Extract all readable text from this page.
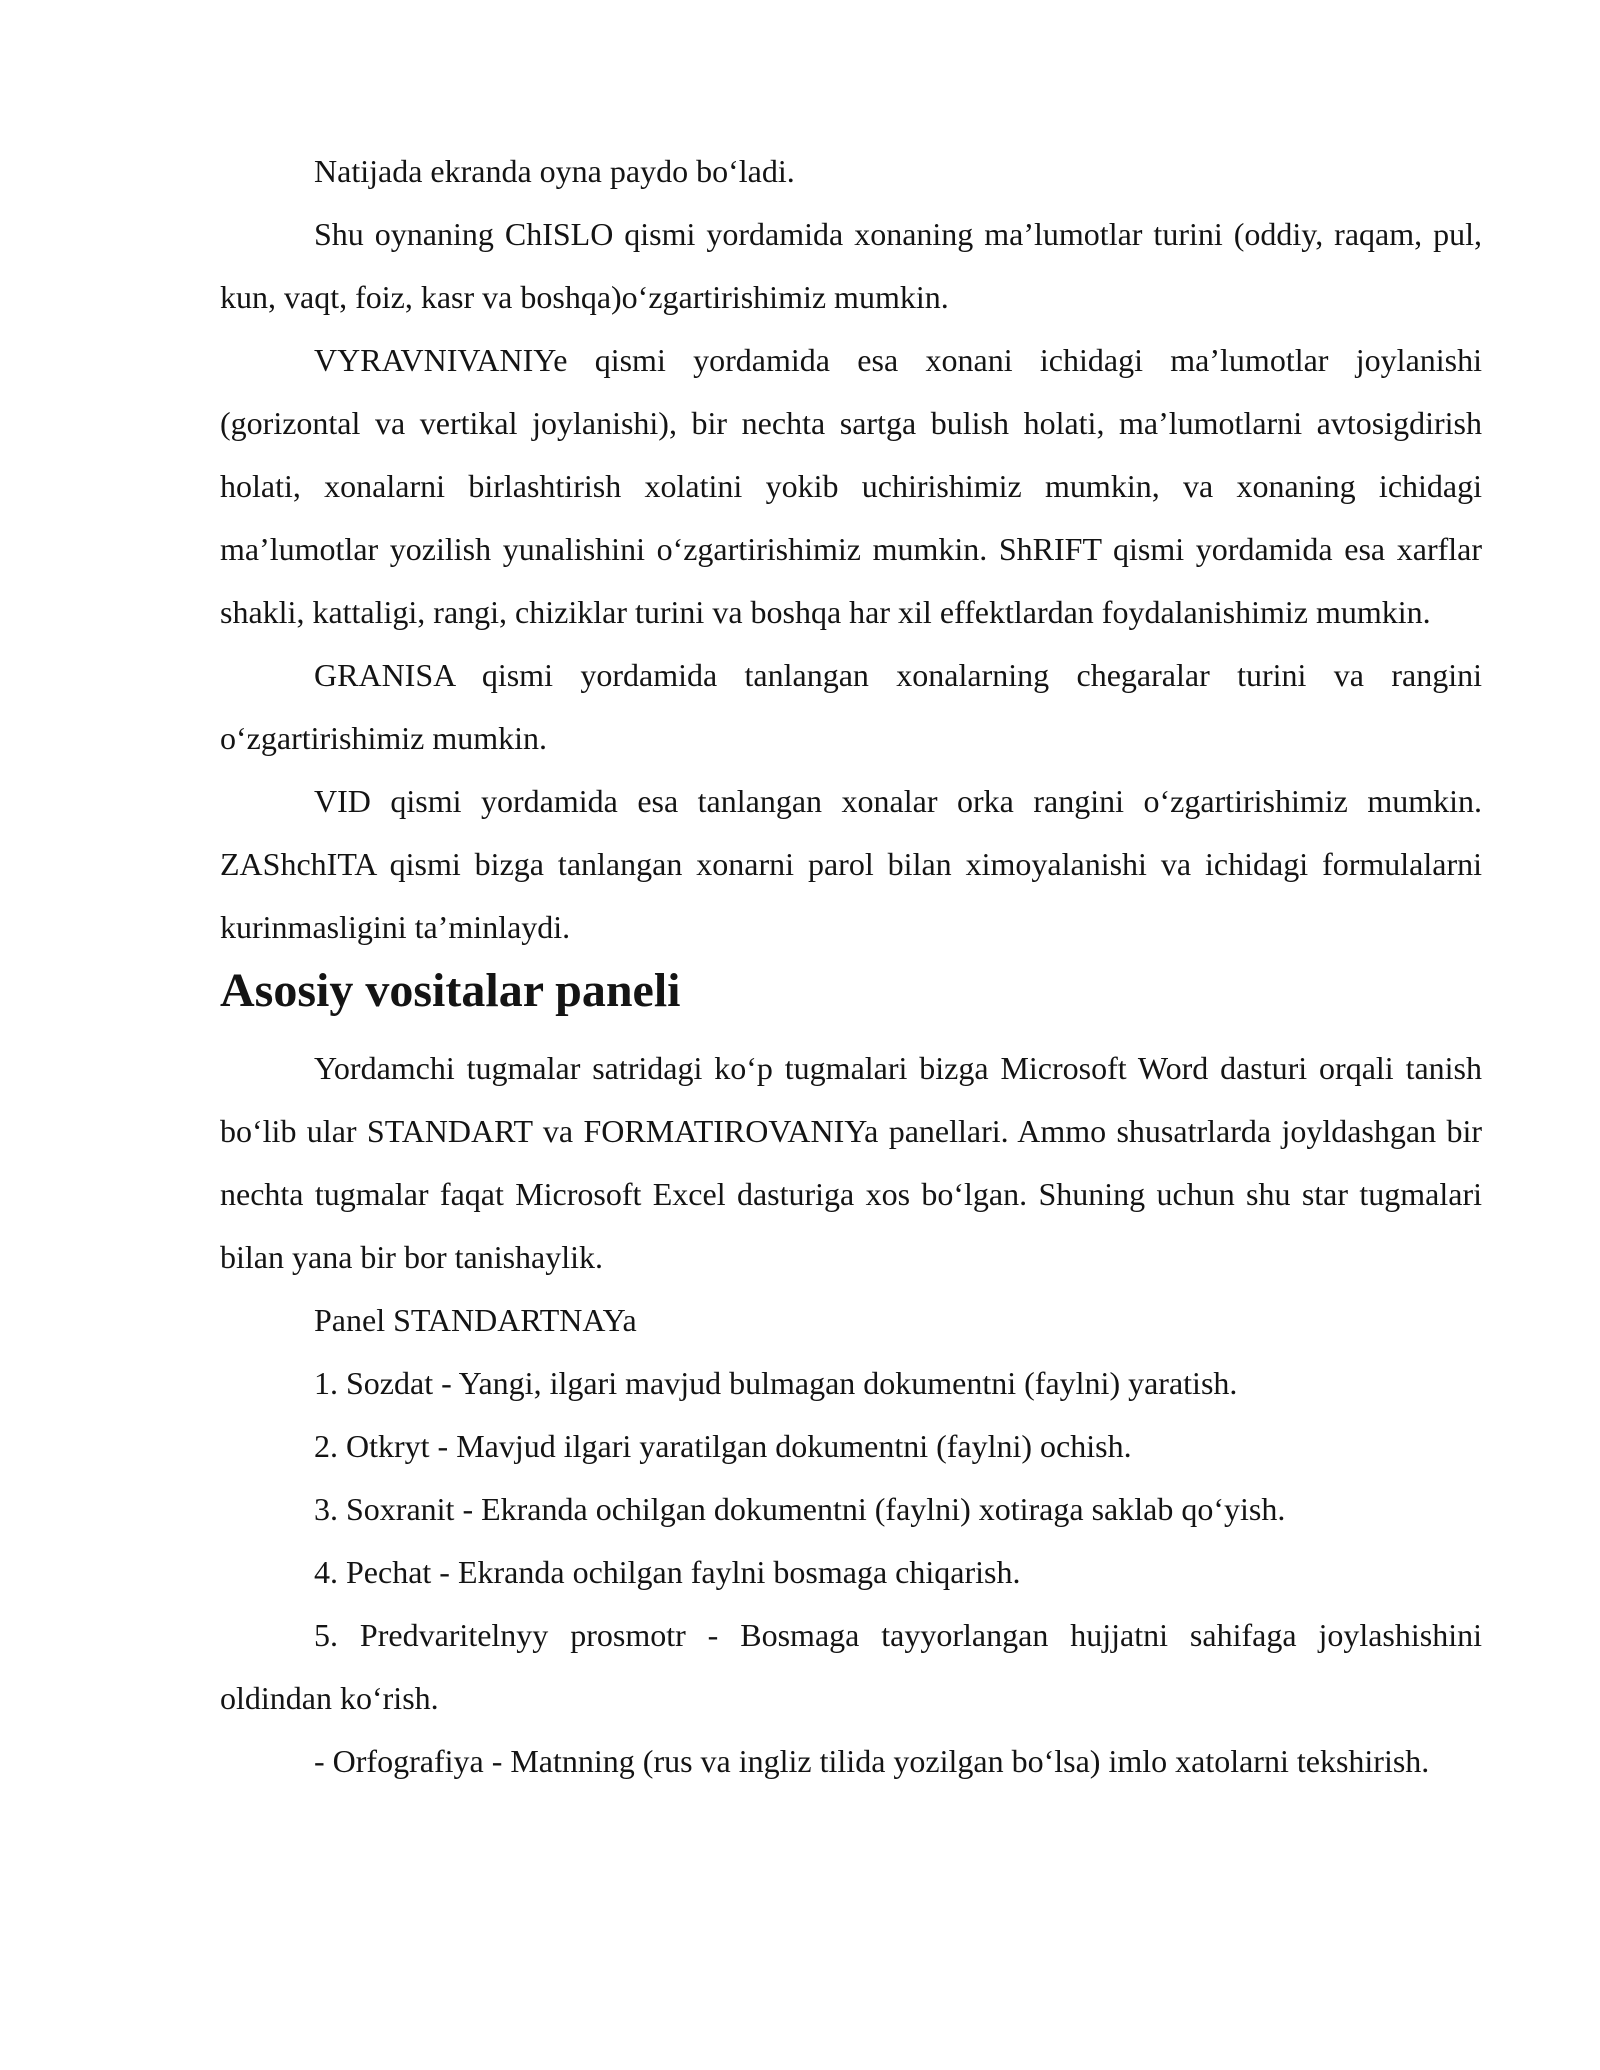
Natijada ekranda oyna paydo bo‘ladi.

Shu oynaning ChISLO qismi yordamida xonaning ma’lumotlar turini (oddiy, raqam, pul, kun, vaqt, foiz, kasr va boshqa)o‘zgartirishimiz mumkin.

VYRAVNIVANIYe qismi yordamida esa xonani ichidagi ma’lumotlar joylanishi (gorizontal va vertikal joylanishi), bir nechta sartga bulish holati, ma’lumotlarni avtosigdirish holati, xonalarni birlashtirish xolatini yokib uchirishimiz mumkin, va xonaning ichidagi ma’lumotlar yozilish yunalishini o‘zgartirishimiz mumkin. ShRIFT qismi yordamida esa xarflar shakli, kattaligi, rangi, chiziklar turini va boshqa har xil effektlardan foydalanishimiz mumkin.

GRANISA qismi yordamida tanlangan xonalarning chegaralar turini va rangini o‘zgartirishimiz mumkin.

VID qismi yordamida esa tanlangan xonalar orka rangini o‘zgartirishimiz mumkin. ZAShchITA qismi bizga tanlangan xonarni parol bilan ximoyalanishi va ichidagi formulalarni kurinmasligini ta’minlaydi.

Asosiy vositalar paneli

Yordamchi tugmalar satridagi ko‘p tugmalari bizga Microsoft Word dasturi orqali tanish bo‘lib ular STANDART va FORMATIROVANIYa panellari. Ammo shusatrlarda joyldashgan bir nechta tugmalar faqat Microsoft Excel dasturiga xos bo‘lgan. Shuning uchun shu star tugmalari bilan yana bir bor tanishaylik.

Panel STANDARTNAYa

1. Sozdat - Yangi, ilgari mavjud bulmagan dokumentni (faylni) yaratish.

2. Otkryt - Mavjud ilgari yaratilgan dokumentni (faylni) ochish.

3. Soxranit - Ekranda ochilgan dokumentni (faylni) xotiraga saklab qo‘yish.

4. Pechat - Ekranda ochilgan faylni bosmaga chiqarish.

5. Predvaritelnyy prosmotr - Bosmaga tayyorlangan hujjatni sahifaga joylashishini oldindan ko‘rish.

- Orfografiya - Matnning (rus va ingliz tilida yozilgan bo‘lsa) imlo xatolarni tekshirish.
